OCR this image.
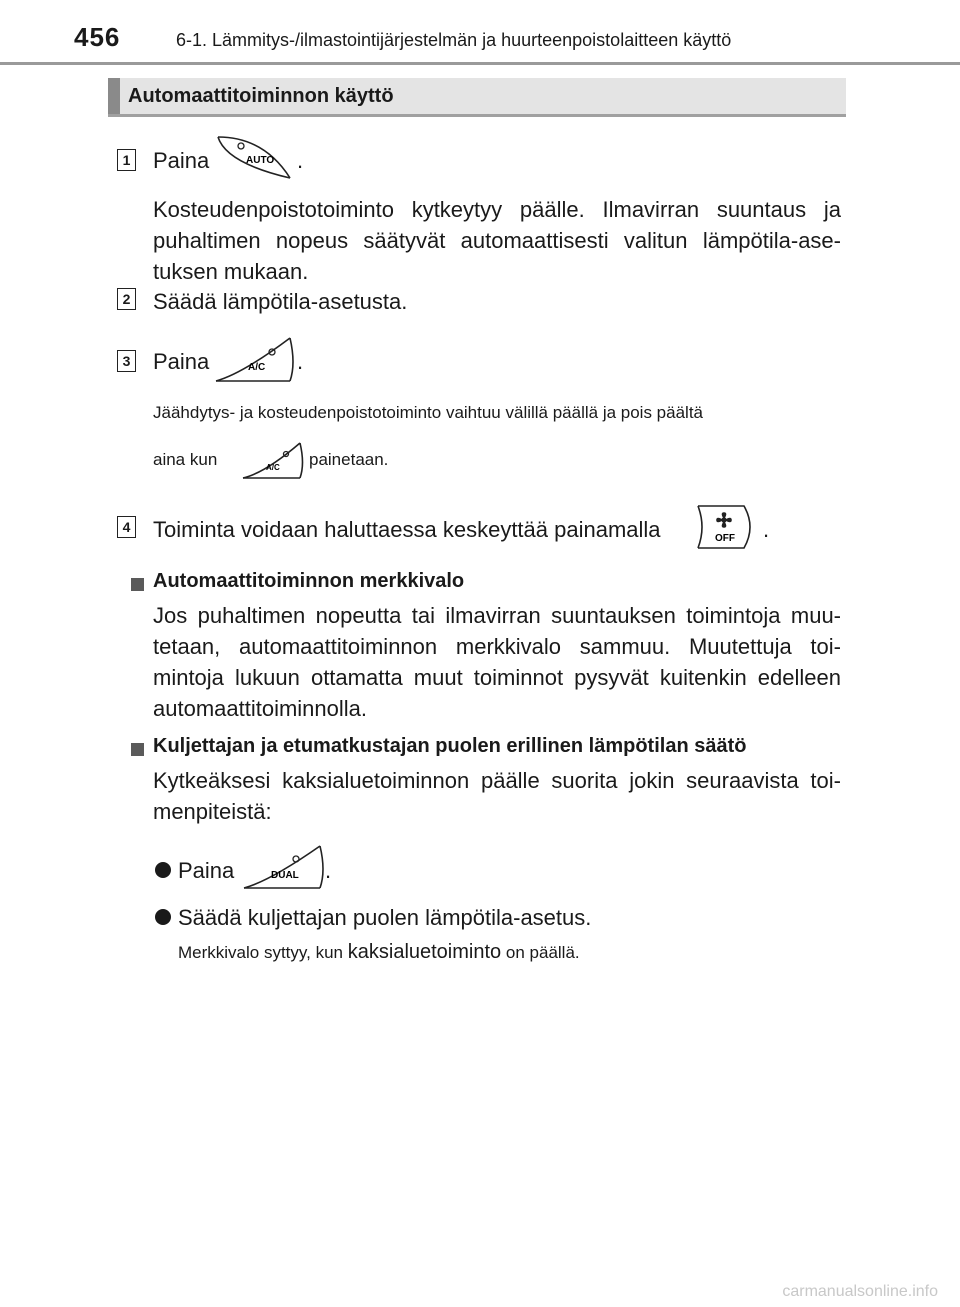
456	6-1. Lämmitys-/ilmastointijärjestelmän ja huurteenpoistolaitteen käyttö
Automaattitoiminnon käyttö
1 Paina	AUTO .
Kosteudenpoistotoiminto kytkeytyy päälle. Ilmavirran suuntaus ja puhaltimen nopeus säätyvät automaattisesti valitun lämpötila-ase-tuksen mukaan.
2 Säädä lämpötila-asetusta.
3 Paina	A/C .
Jäähdytys- ja kosteudenpoistotoiminto vaihtuu välillä päällä ja pois päältä
aina kun	A/C painetaan.
4 Toiminta voidaan haluttaessa keskeyttää painamalla	OFF .
Automaattitoiminnon merkkivalo
Jos puhaltimen nopeutta tai ilmavirran suuntauksen toimintoja muu-tetaan, automaattitoiminnon merkkivalo sammuu. Muutettuja toi-mintoja lukuun ottamatta muut toiminnot pysyvät kuitenkin edelleen automaattitoiminnolla.
Kuljettajan ja etumatkustajan puolen erillinen lämpötilan säätö
Kytkeäksesi kaksialuetoiminnon päälle suorita jokin seuraavista toi-menpiteistä:
Paina	DUAL .
Säädä kuljettajan puolen lämpötila-asetus.
Merkkivalo syttyy, kun kaksialuetoiminto on päällä.
carmanualsonline.info
